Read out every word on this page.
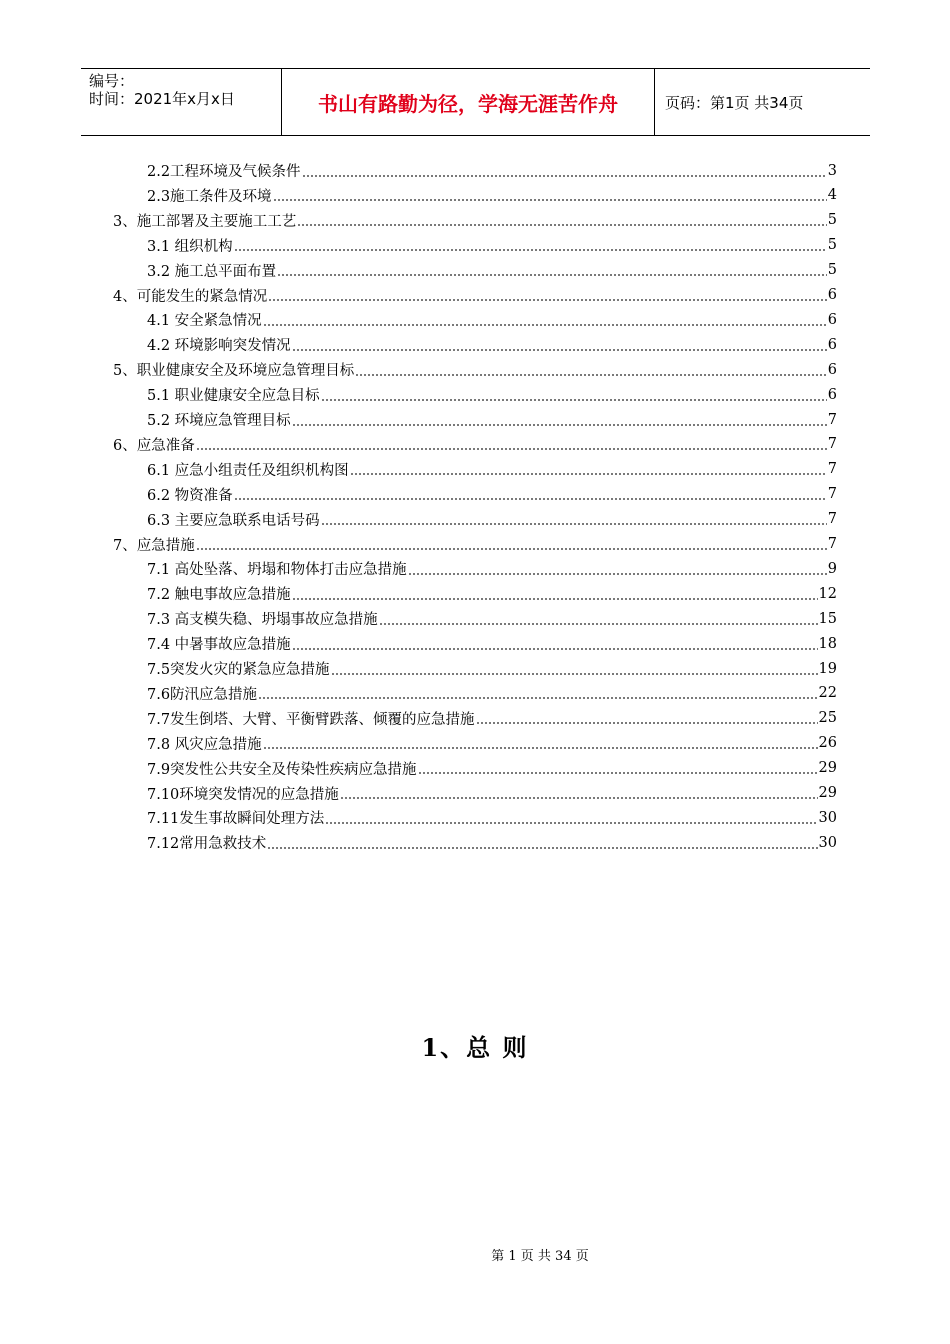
编号：
时间：2021年x月x日	书山有路勤为径，学海无涯苦作舟	页码：第1页 共34页
2.2工程环境及气候条件	3
2.3施工条件及环境	4
3、施工部署及主要施工工艺	5
3.1 组织机构	5
3.2 施工总平面布置	5
4、可能发生的紧急情况	6
4.1 安全紧急情况	6
4.2 环境影响突发情况	6
5、职业健康安全及环境应急管理目标	6
5.1 职业健康安全应急目标	6
5.2 环境应急管理目标	7
6、应急准备	7
6.1 应急小组责任及组织机构图	7
6.2 物资准备	7
6.3 主要应急联系电话号码	7
7、应急措施	7
7.1 高处坠落、坍塌和物体打击应急措施	9
7.2 触电事故应急措施	12
7.3 高支模失稳、坍塌事故应急措施	15
7.4 中暑事故应急措施	18
7.5突发火灾的紧急应急措施	19
7.6防汛应急措施	22
7.7发生倒塔、大臂、平衡臂跌落、倾覆的应急措施	25
7.8 风灾应急措施	26
7.9突发性公共安全及传染性疾病应急措施	29
7.10环境突发情况的应急措施	29
7.11发生事故瞬间处理方法	30
7.12常用急救技术	30
1、总 则
第 1 页 共 34 页
